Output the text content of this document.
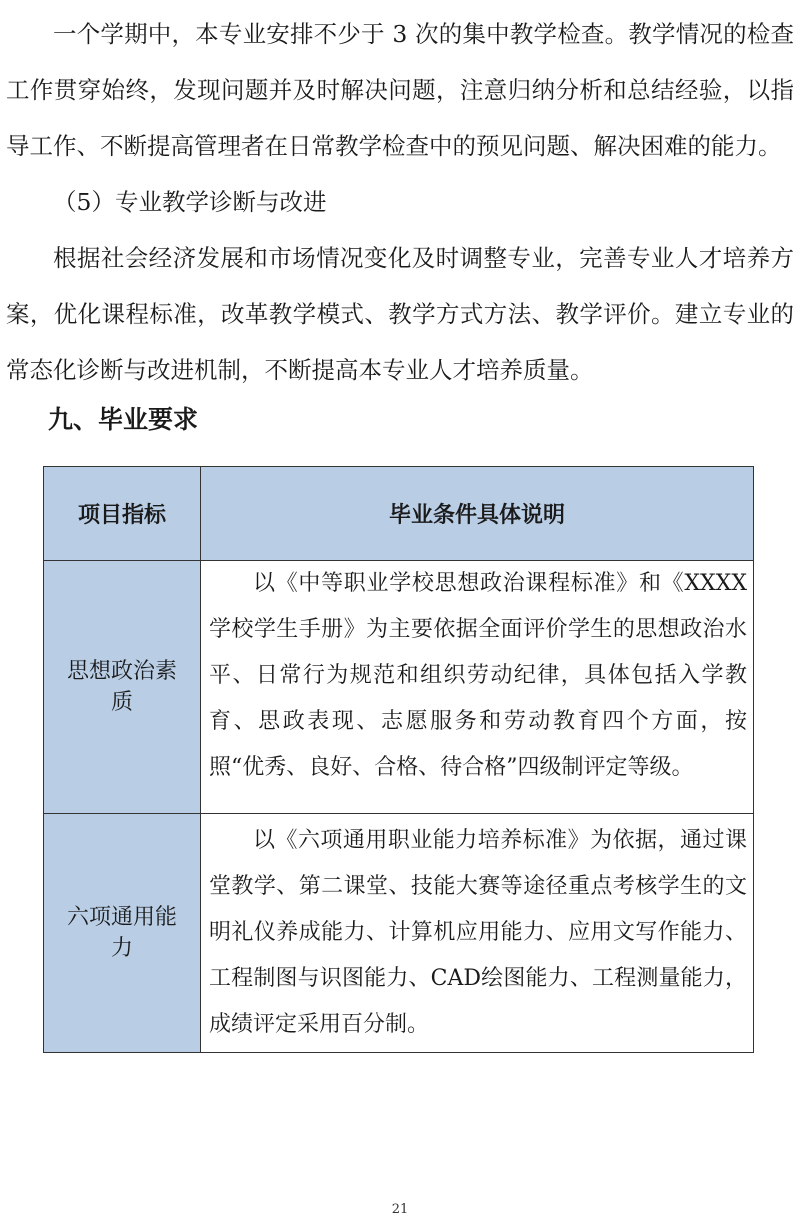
一个学期中，本专业安排不少于 3 次的集中教学检查。教学情况的检查工作贯穿始终，发现问题并及时解决问题，注意归纳分析和总结经验，以指导工作、不断提高管理者在日常教学检查中的预见问题、解决困难的能力。

（5）专业教学诊断与改进

根据社会经济发展和市场情况变化及时调整专业，完善专业人才培养方案，优化课程标准，改革教学模式、教学方式方法、教学评价。建立专业的常态化诊断与改进机制，不断提高本专业人才培养质量。

九、毕业要求
项目指标	毕业条件具体说明
思想政治素质	以《中等职业学校思想政治课程标准》和《XXXX学校学生手册》为主要依据全面评价学生的思想政治水平、日常行为规范和组织劳动纪律，具体包括入学教育、思政表现、志愿服务和劳动教育四个方面，按照“优秀、良好、合格、待合格”四级制评定等级。
六项通用能力	以《六项通用职业能力培养标准》为依据，通过课堂教学、第二课堂、技能大赛等途径重点考核学生的文明礼仪养成能力、计算机应用能力、应用文写作能力、工程制图与识图能力、CAD绘图能力、工程测量能力，成绩评定采用百分制。
21
